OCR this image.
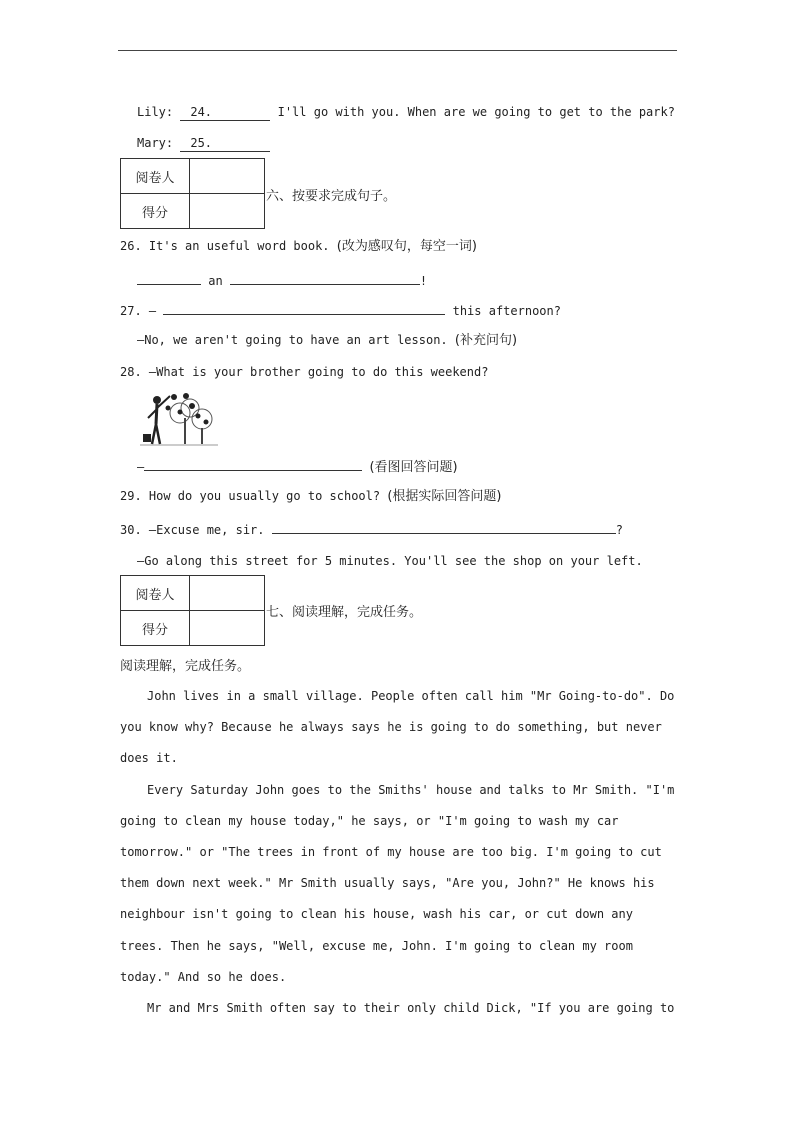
Lily: 24.	I'll go with you. When are we going to get to the park?
Mary: 25.
阅卷人	
得分	
六、按要求完成句子。
26. It's an useful word book. (改为感叹句，每空一词)
an	!
27. —	this afternoon?
—No, we aren't going to have an art lesson. (补充问句)
28. —What is your brother going to do this weekend?
—	(看图回答问题)
29. How do you usually go to school? (根据实际回答问题)
30. —Excuse me, sir.	?
—Go along this street for 5 minutes. You'll see the shop on your left.
阅卷人	
得分	
七、阅读理解，完成任务。
阅读理解，完成任务。

John lives in a small village. People often call him "Mr Going-to-do". Do you know why? Because he always says he is going to do something, but never does it.

Every Saturday John goes to the Smiths' house and talks to Mr Smith. "I'm going to clean my house today," he says, or "I'm going to wash my car tomorrow." or "The trees in front of my house are too big. I'm going to cut them down next week." Mr Smith usually says, "Are you, John?" He knows his neighbour isn't going to clean his house, wash his car, or cut down any trees. Then he says, "Well, excuse me, John. I'm going to clean my room today." And so he does.

Mr and Mrs Smith often say to their only child Dick, "If you are going to
